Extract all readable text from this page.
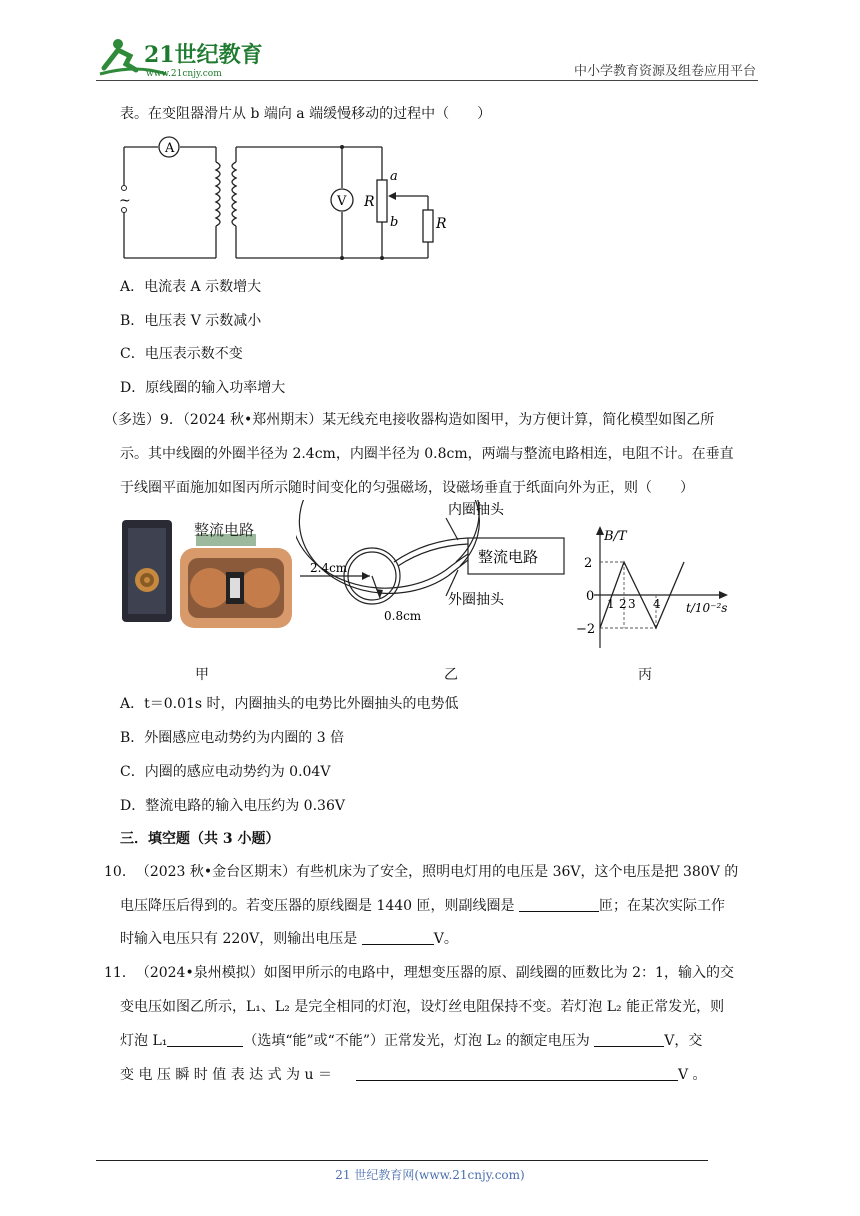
21世纪教育
www.21cnjy.com	中小学教育资源及组卷应用平台
表。在变阻器滑片从 b 端向 a 端缓慢移动的过程中（　　）
A
V
~	R
a
b	R
A．电流表 A 示数增大
B．电压表 V 示数减小
C．电压表示数不变
D．原线圈的输入功率增大
（多选）9．（2024 秋•郑州期末）某无线充电接收器构造如图甲，为方便计算，简化模型如图乙所
示。其中线圈的外圈半径为 2.4cm，内圈半径为 0.8cm，两端与整流电路相连，电阻不计。在垂直
于线圈平面施加如图丙所示随时间变化的匀强磁场，设磁场垂直于纸面向外为正，则（　　）
整流电路
甲
内圈抽头
外圈抽头
整流电路
2.4cm
0.8cm
乙
B/T
t/10⁻²s
2
0
−2
1 2 3 4
丙
A．t＝0.01s 时，内圈抽头的电势比外圈抽头的电势低
B．外圈感应电动势约为内圈的 3 倍
C．内圈的感应电动势约为 0.04V
D．整流电路的输入电压约为 0.36V
三．填空题（共 3 小题）
10．　（2023 秋•金台区期末）有些机床为了安全，照明电灯用的电压是 36V，这个电压是把 380V 的
电压降压后得到的。若变压器的原线圈是 1440 匝，则副线圈是	匝；在某次实际工作
时输入电压只有 220V，则输出电压是	V。
11．　（2024•泉州模拟）如图甲所示的电路中，理想变压器的原、副线圈的匝数比为 2：1，输入的交
变电压如图乙所示，L₁、L₂ 是完全相同的灯泡，设灯丝电阻保持不变。若灯泡 L₂ 能正常发光，则
灯泡 L₁	（选填“能”或“不能”）正常发光，灯泡 L₂ 的额定电压为	V，交
变 电 压 瞬 时 值 表 达 式 为 u ＝	V 。
21 世纪教育网(www.21cnjy.com)
